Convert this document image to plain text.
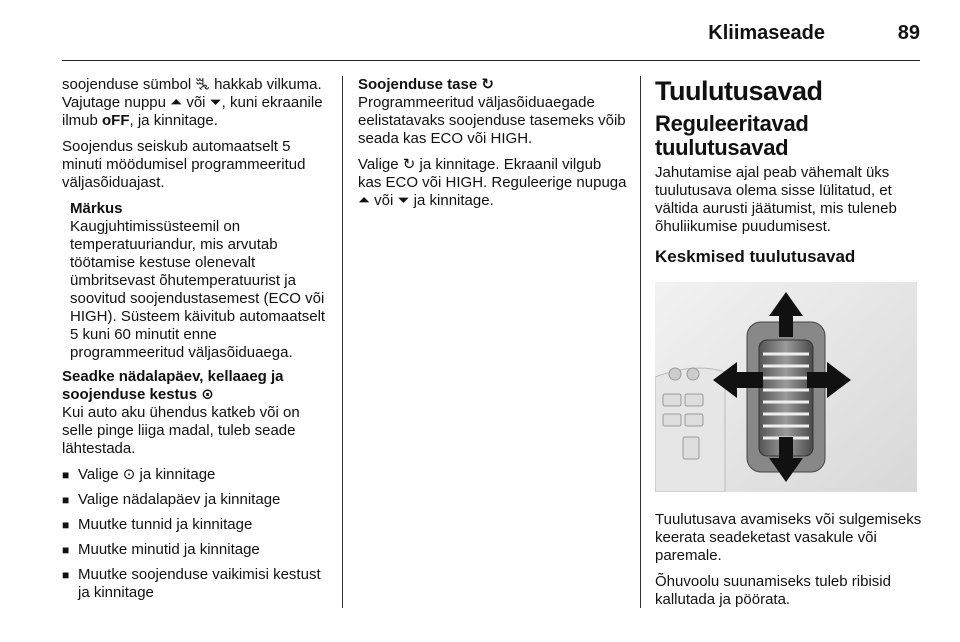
Kliimaseade	89

soojenduse sümbol ꔩ hakkab vilkuma. Vajutage nuppu ⏶ või ⏷, kuni ekraanile ilmub oFF, ja kinnitage.

Soojendus seiskub automaatselt 5 minuti möödumisel programmeeritud väljasõiduajast.

Märkus
Kaugjuhtimissüsteemil on temperatuuriandur, mis arvutab töötamise kestuse olenevalt ümbritsevast õhutemperatuurist ja soovitud soojendustasemest (ECO või HIGH). Süsteem käivitub automaatselt 5 kuni 60 minutit enne programmeeritud väljasõiduaega.

Seadke nädalapäev, kellaaeg ja soojenduse kestus ⊙

Kui auto aku ühendus katkeb või on selle pinge liiga madal, tuleb seade lähtestada.

■ Valige ⊙ ja kinnitage
■ Valige nädalapäev ja kinnitage
■ Muutke tunnid ja kinnitage
■ Muutke minutid ja kinnitage
■ Muutke soojenduse vaikimisi kestust ja kinnitage

Soojenduse tase ↻

Programmeeritud väljasõiduaegade eelistatavaks soojenduse tasemeks võib seada kas ECO või HIGH.

Valige ↻ ja kinnitage. Ekraanil vilgub kas ECO või HIGH. Reguleerige nupuga ⏶ või ⏷ ja kinnitage.

Tuulutusavad
Reguleeritavad tuulutusavad

Jahutamise ajal peab vähemalt üks tuulutusava olema sisse lülitatud, et vältida aurusti jäätumist, mis tuleneb õhuliikumise puudumisest.

Keskmised tuulutusavad

Tuulutusava avamiseks või sulgemiseks keerata seadeketast vasakule või paremale.

Õhuvoolu suunamiseks tuleb ribisid kallutada ja pöörata.
